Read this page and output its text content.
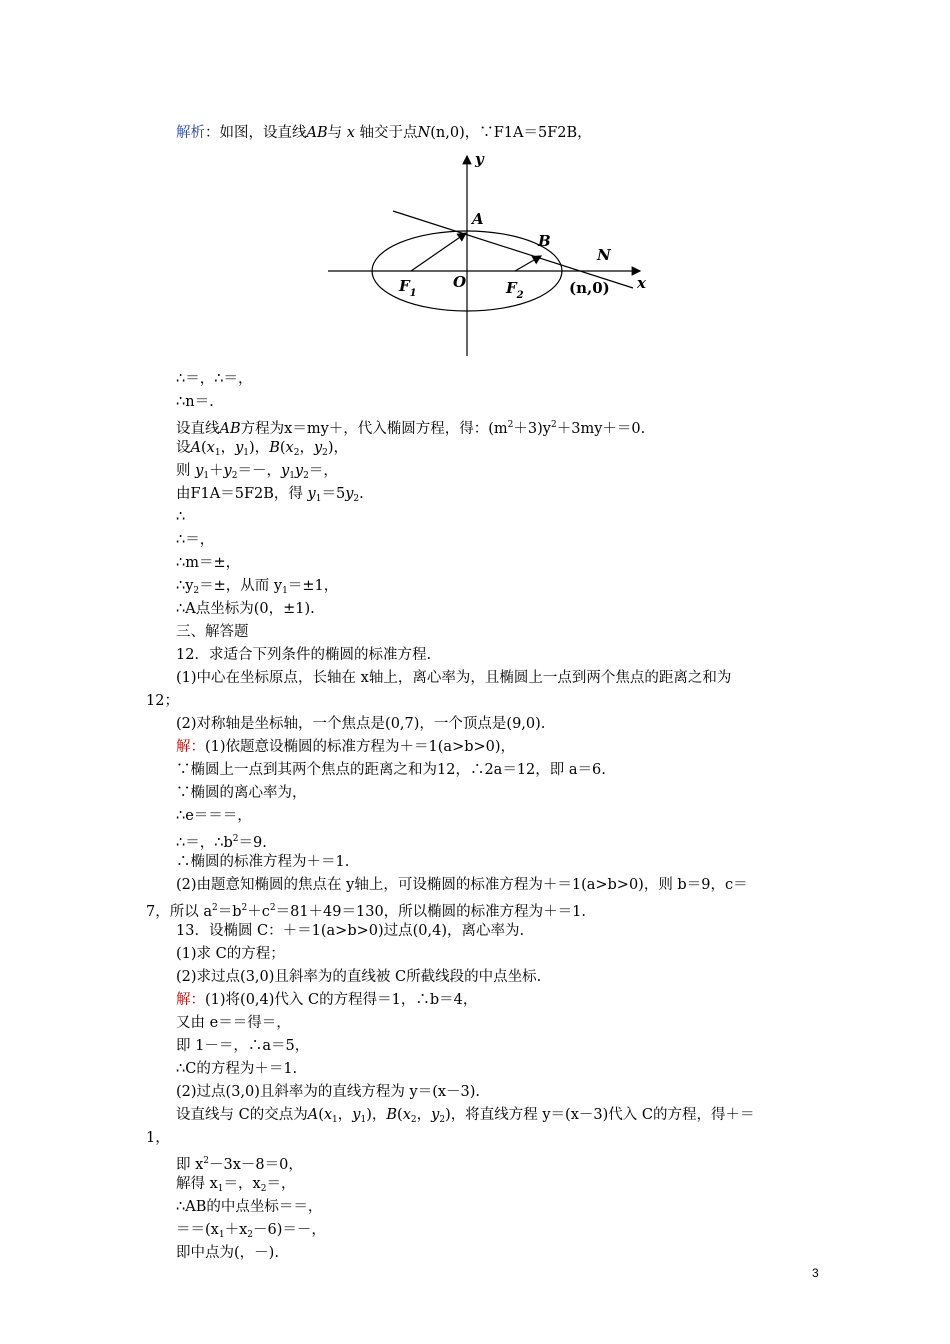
解析：如图，设直线AB与 x 轴交于点N(n,0)，∵F1A＝5F2B，
y
x
A
B
N
O
$F_1$	$F_2$	(n,0)
∴＝，∴＝，
∴n＝.
设直线AB方程为x＝my＋，代入椭圆方程，得：$(m^2+3)y^2+3my+=0$.
设$A(x_1$，$y_1$)，$B(x_2$，$y_2$)，
则 $y_1+y_2=-$，$y_1y_2=$，
由F1A＝5F2B，得 $y_1=5y_2$.
∴
∴＝，
∴m＝±，
$\therefore y_2=\pm$，从而 $y_1=\pm 1$，
∴A点坐标为(0，±1).
三、解答题
12．求适合下列条件的椭圆的标准方程.
(1)中心在坐标原点，长轴在 x轴上，离心率为，且椭圆上一点到两个焦点的距离之和为
12；
(2)对称轴是坐标轴，一个焦点是(0,7)，一个顶点是(9,0).
解：(1)依题意设椭圆的标准方程为＋＝1(a>b>0)，
∵椭圆上一点到其两个焦点的距离之和为12，∴2a＝12，即 a＝6.
∵椭圆的离心率为，
∴e＝＝＝，
∴＝，$\therefore b^2=9$.
∴椭圆的标准方程为＋＝1.
(2)由题意知椭圆的焦点在 y轴上，可设椭圆的标准方程为＋＝1(a>b>0)，则 b＝9，c＝
7，所以 $a^2=b^2+c^2=81+49=130$，所以椭圆的标准方程为＋＝1.
13．设椭圆 C：＋＝1(a>b>0)过点(0,4)，离心率为.
(1)求 C的方程；
(2)求过点(3,0)且斜率为的直线被 C所截线段的中点坐标.
解：(1)将(0,4)代入 C的方程得＝1，∴b＝4，
又由 e＝＝得＝，
即 1－＝，∴a＝5，
∴C的方程为＋＝1.
(2)过点(3,0)且斜率为的直线方程为 y＝(x－3).
设直线与 C的交点为$A(x_1$，$y_1$)，$B(x_2$，$y_2$)，将直线方程 y＝(x－3)代入 C的方程，得＋＝
1，
即 $x^2-3x-8=0$，
解得 $x_1=$，$x_2=$，
∴AB的中点坐标＝＝，
$==(x_1+x_2-6)=-$，
即中点为(，－).
3
